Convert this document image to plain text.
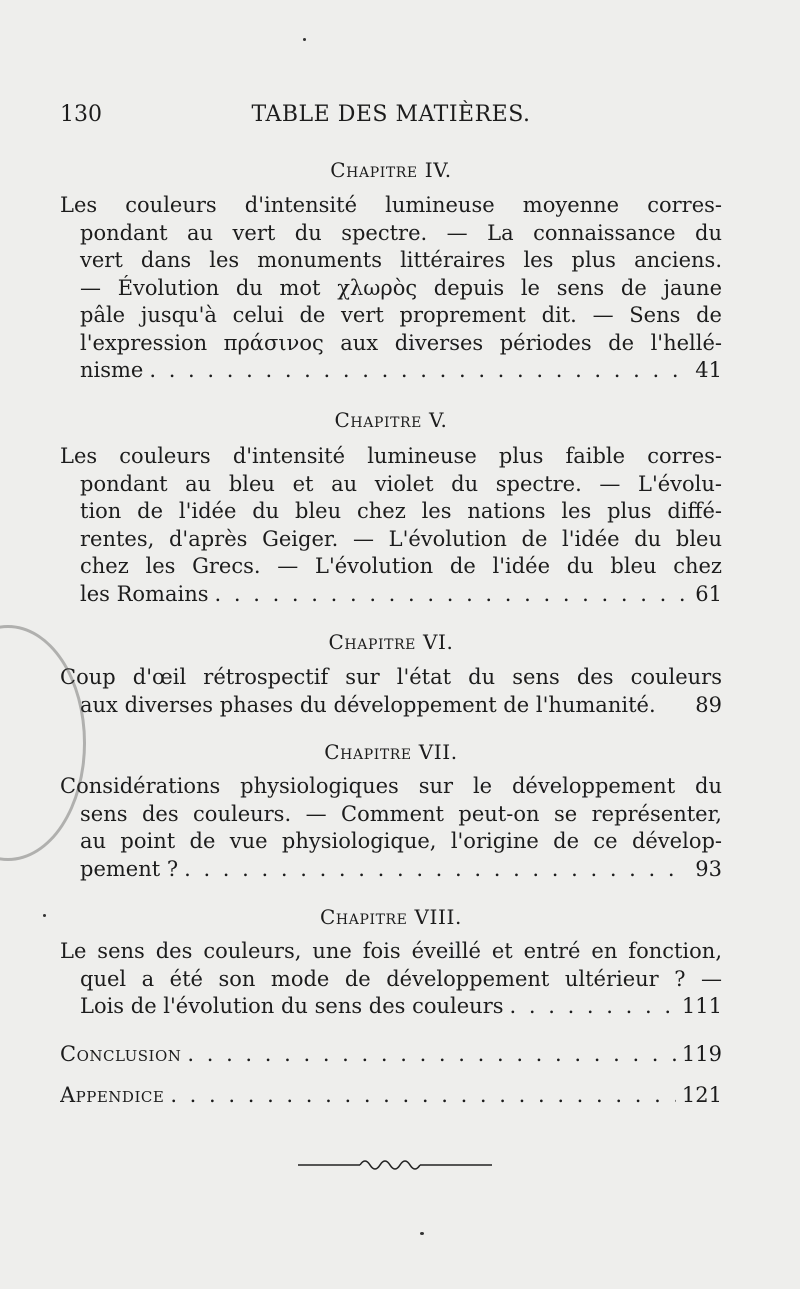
130	TABLE DES MATIÈRES.
Chapitre IV.
Les couleurs d'intensité lumineuse moyenne corres-
pondant au vert du spectre. — La connaissance du
vert dans les monuments littéraires les plus anciens.
— Évolution du mot χλωρὸς depuis le sens de jaune
pâle jusqu'à celui de vert proprement dit. — Sens de
l'expression πράσινος aux diverses périodes de l'hellé-
nisme . . .	41
Chapitre V.
Les couleurs d'intensité lumineuse plus faible corres-
pondant au bleu et au violet du spectre. — L'évolu-
tion de l'idée du bleu chez les nations les plus diffé-
rentes, d'après Geiger. — L'évolution de l'idée du bleu
chez les Grecs. — L'évolution de l'idée du bleu chez
les Romains . . .	61
Chapitre VI.
Coup d'œil rétrospectif sur l'état du sens des couleurs
aux diverses phases du développement de l'humanité. 89
Chapitre VII.
Considérations physiologiques sur le développement du
sens des couleurs. — Comment peut-on se représenter,
au point de vue physiologique, l'origine de ce dévelop-
pement ? . . .	93
Chapitre VIII.
Le sens des couleurs, une fois éveillé et entré en fonction,
quel a été son mode de développement ultérieur ? —
Lois de l'évolution du sens des couleurs . . .	111
Conclusion . . .	119
Appendice . . .	121
